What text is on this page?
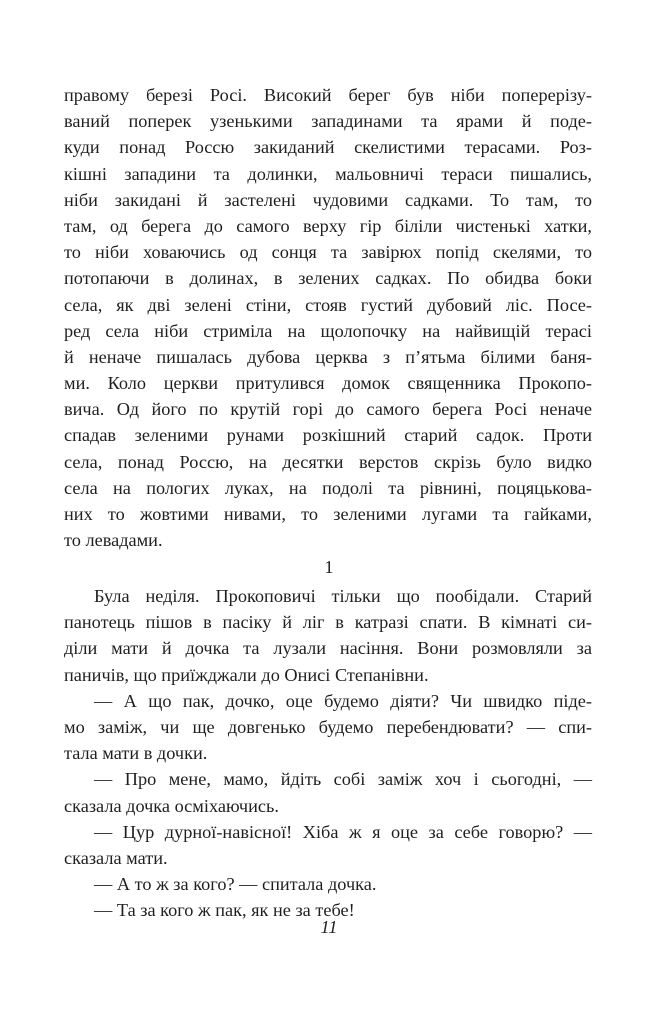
правому березі Росі. Високий берег був ніби поперерізу-
ваний поперек узенькими западинами та ярами й поде-
куди понад Россю закиданий скелистими терасами. Роз-
кішні западини та долинки, мальовничі тераси пишались,
ніби закидані й застелені чудовими садками. То там, то
там, од берега до самого верху гір біліли чистенькі хатки,
то ніби ховаючись од сонця та завірюх попід скелями, то
потопаючи в долинах, в зелених садках. По обидва боки
села, як дві зелені стіни, стояв густий дубовий ліс. Посе-
ред села ніби стриміла на щолопочку на найвищій терасі
й неначе пишалась дубова церква з п’ятьма білими баня-
ми. Коло церкви притулився домок священника Прокопо-
вича. Од його по крутій горі до самого берега Росі неначе
спадав зеленими рунами розкішний старий садок. Проти
села, понад Россю, на десятки верстов скрізь було видко
села на пологих луках, на подолі та рівнині, поцяцькова-
них то жовтими нивами, то зеленими лугами та гайками,
то левадами.
1
Була неділя. Прокоповичі тільки що пообідали. Старий
панотець пішов в пасіку й ліг в катразі спати. В кімнаті си-
діли мати й дочка та лузали насіння. Вони розмовляли за
паничів, що приїжджали до Онисі Степанівни.
— А що пак, дочко, оце будемо діяти? Чи швидко піде-
мо заміж, чи ще довгенько будемо перебендювати? — спи-
тала мати в дочки.
— Про мене, мамо, йдіть собі заміж хоч і сьогодні, —
сказала дочка осміхаючись.
— Цур дурної-навісної! Хіба ж я оце за себе говорю? —
сказала мати.
— А то ж за кого? — спитала дочка.
— Та за кого ж пак, як не за тебе!
11
